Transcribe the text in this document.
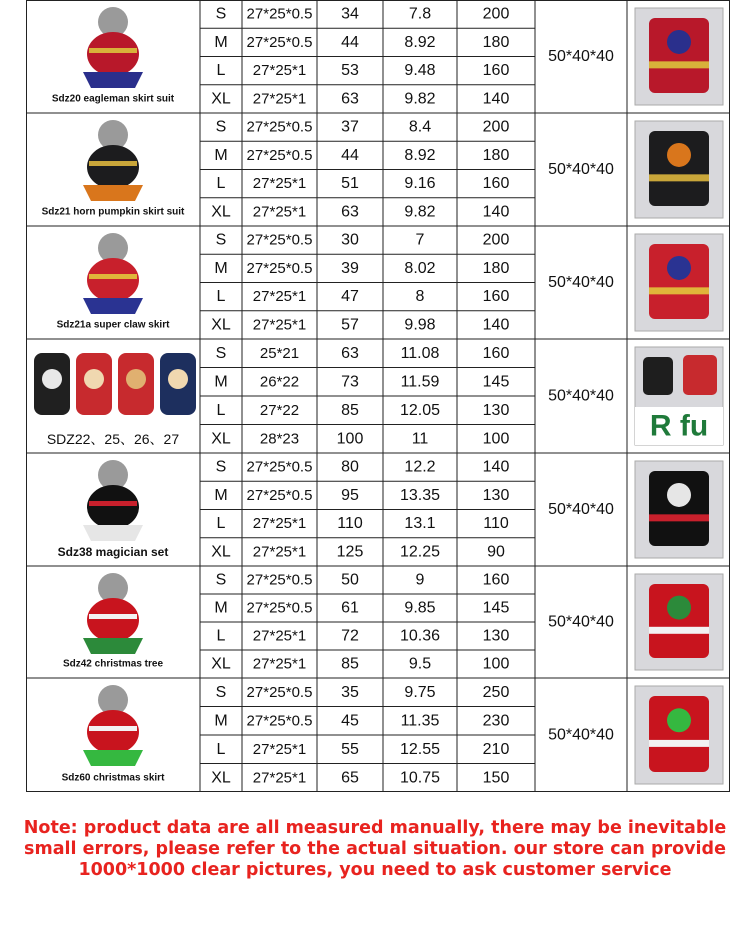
Sdz20 eagleman skirt suit
S 27*25*0.5 34	7.8	200
M 27*25*0.5 44	8.92	180
L 27*25*1 53	9.48	160
XL 27*25*1 63	9.82	140
50*40*40
Sdz21 horn pumpkin skirt suit
S 27*25*0.5 37	8.4	200
M 27*25*0.5 44	8.92	180
L 27*25*1 51	9.16	160
XL 27*25*1 63	9.82	140
50*40*40
Sdz21a super claw skirt
S 27*25*0.5 30	7	200
M 27*25*0.5 39	8.02	180
L 27*25*1 47	8	160
XL 27*25*1 57	9.98	140
50*40*40
SDZ22、25、26、27
S 25*21	63	11.08	160
M 26*22	73	11.59	145
L 27*22	85	12.05	130
XL 28*23 100	11	100
50*40*40
R fu
Sdz38 magician set
S 27*25*0.5 80	12.2	140
M 27*25*0.5 95	13.35	130
L 27*25*1 110	13.1	110
XL 27*25*1 125 12.25	90
50*40*40
Sdz42 christmas tree
S 27*25*0.5 50	9	160
M 27*25*0.5 61	9.85	145
L 27*25*1 72	10.36	130
XL 27*25*1 85	9.5	100
50*40*40
Sdz60 christmas skirt
S 27*25*0.5 35	9.75	250
M 27*25*0.5 45	11.35	230
L 27*25*1 55	12.55	210
XL 27*25*1 65	10.75	150
50*40*40
Note: product data are all measured manually, there may be inevitable
small errors, please refer to the actual situation. our store can provide
1000*1000 clear pictures, you need to ask customer service
